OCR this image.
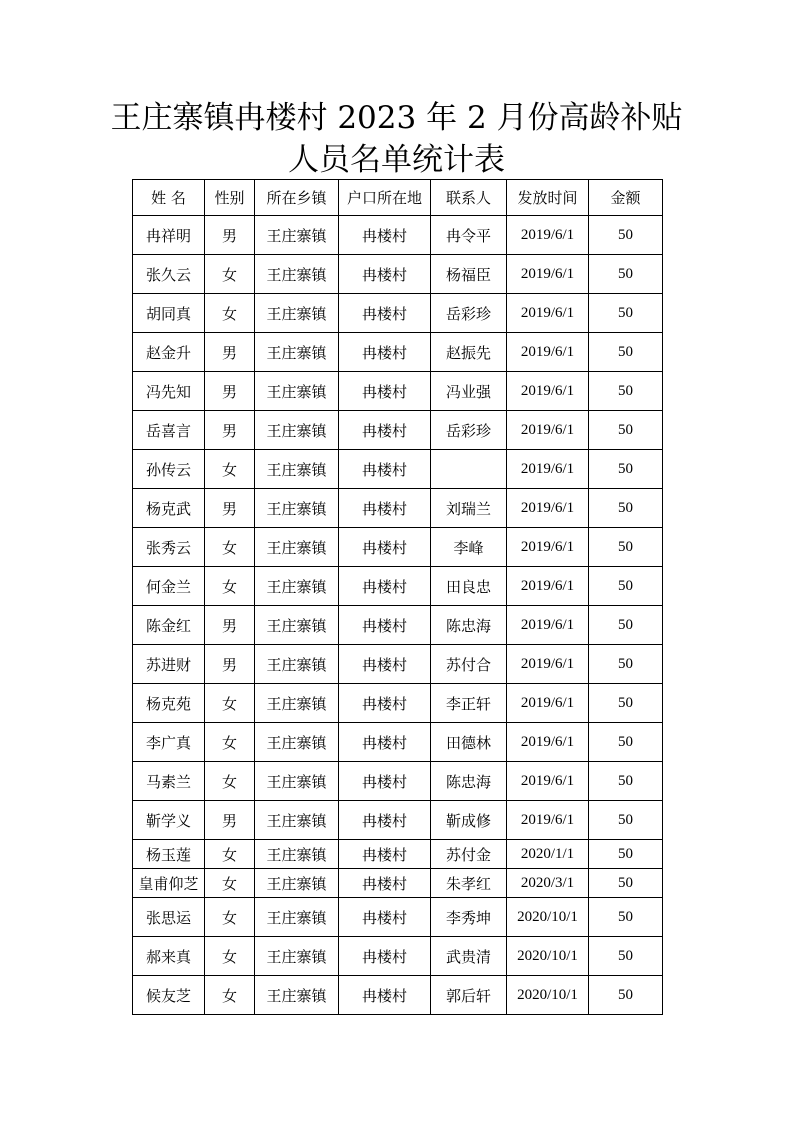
王庄寨镇冉楼村 2023 年 2 月份高龄补贴
人员名单统计表
姓 名	性别	所在乡镇	户口所在地	联系人	发放时间	金额
冉祥明	男	王庄寨镇	冉楼村	冉令平	2019/6/1	50
张久云	女	王庄寨镇	冉楼村	杨福臣	2019/6/1	50
胡同真	女	王庄寨镇	冉楼村	岳彩珍	2019/6/1	50
赵金升	男	王庄寨镇	冉楼村	赵振先	2019/6/1	50
冯先知	男	王庄寨镇	冉楼村	冯业强	2019/6/1	50
岳喜言	男	王庄寨镇	冉楼村	岳彩珍	2019/6/1	50
孙传云	女	王庄寨镇	冉楼村		2019/6/1	50
杨克武	男	王庄寨镇	冉楼村	刘瑞兰	2019/6/1	50
张秀云	女	王庄寨镇	冉楼村	李峰	2019/6/1	50
何金兰	女	王庄寨镇	冉楼村	田良忠	2019/6/1	50
陈金红	男	王庄寨镇	冉楼村	陈忠海	2019/6/1	50
苏进财	男	王庄寨镇	冉楼村	苏付合	2019/6/1	50
杨克苑	女	王庄寨镇	冉楼村	李正轩	2019/6/1	50
李广真	女	王庄寨镇	冉楼村	田德林	2019/6/1	50
马素兰	女	王庄寨镇	冉楼村	陈忠海	2019/6/1	50
靳学义	男	王庄寨镇	冉楼村	靳成修	2019/6/1	50
杨玉莲	女	王庄寨镇	冉楼村	苏付金	2020/1/1	50
皇甫仰芝	女	王庄寨镇	冉楼村	朱孝红	2020/3/1	50
张思运	女	王庄寨镇	冉楼村	李秀坤	2020/10/1	50
郝来真	女	王庄寨镇	冉楼村	武贵清	2020/10/1	50
候友芝	女	王庄寨镇	冉楼村	郭后轩	2020/10/1	50
